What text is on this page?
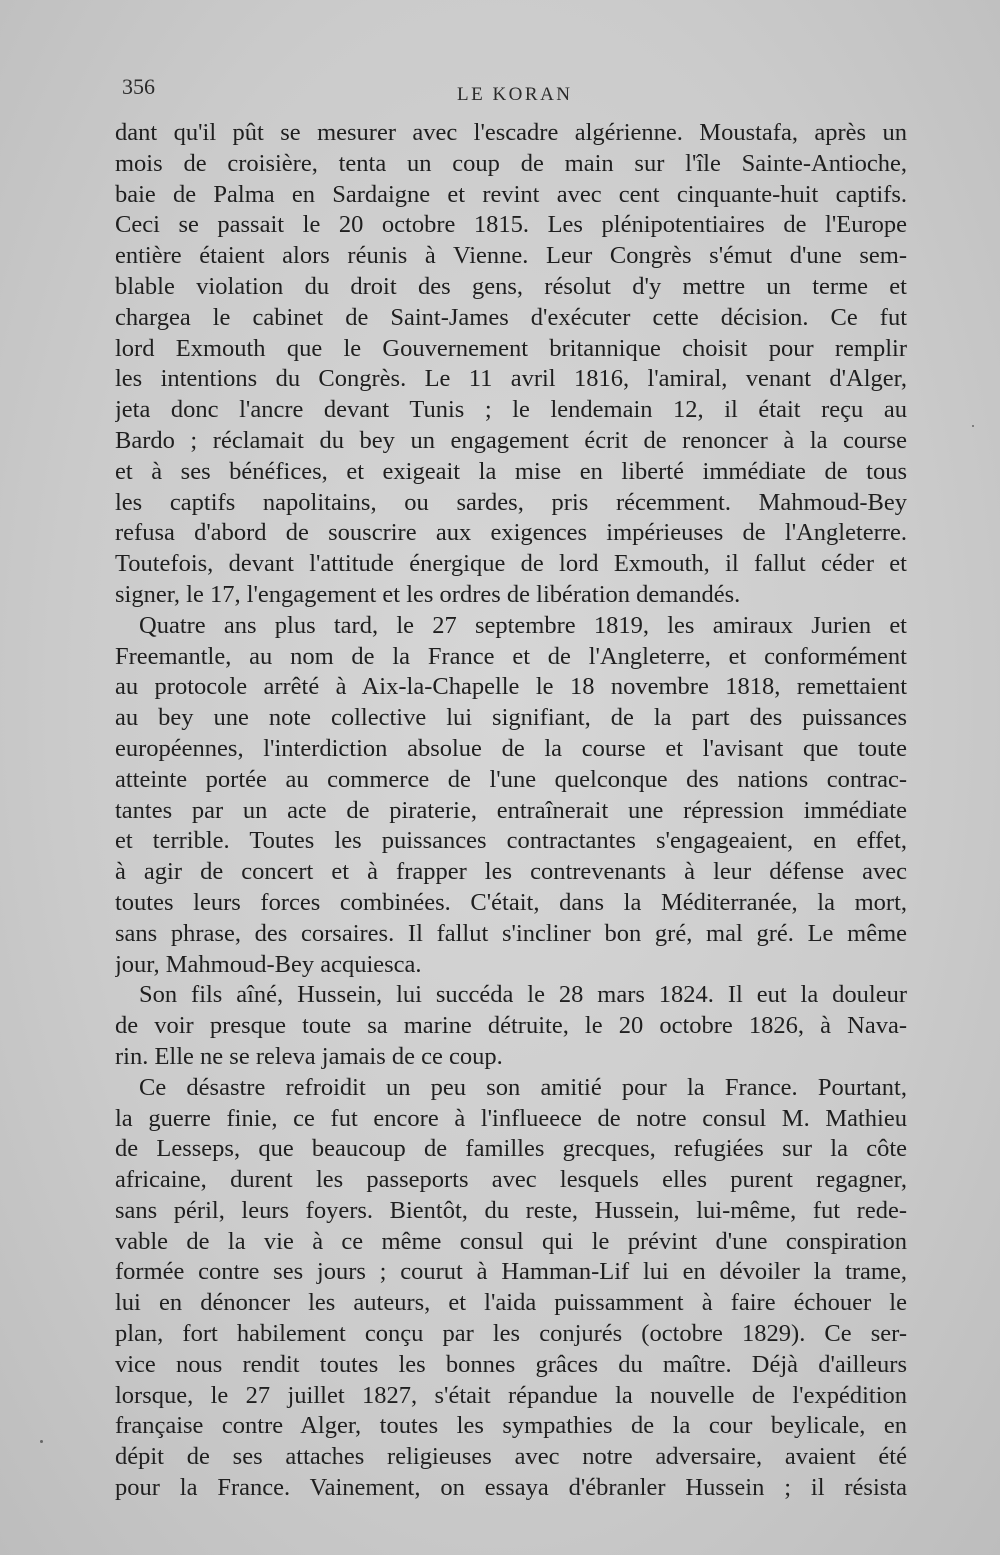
356	LE KORAN
dant qu'il pût se mesurer avec l'escadre algérienne. Moustafa, après un
mois de croisière, tenta un coup de main sur l'île Sainte-Antioche,
baie de Palma en Sardaigne et revint avec cent cinquante-huit captifs.
Ceci se passait le 20 octobre 1815. Les plénipotentiaires de l'Europe
entière étaient alors réunis à Vienne. Leur Congrès s'émut d'une sem-
blable violation du droit des gens, résolut d'y mettre un terme et
chargea le cabinet de Saint-James d'exécuter cette décision. Ce fut
lord Exmouth que le Gouvernement britannique choisit pour remplir
les intentions du Congrès. Le 11 avril 1816, l'amiral, venant d'Alger,
jeta donc l'ancre devant Tunis ; le lendemain 12, il était reçu au
Bardo ; réclamait du bey un engagement écrit de renoncer à la course
et à ses bénéfices, et exigeait la mise en liberté immédiate de tous
les captifs napolitains, ou sardes, pris récemment. Mahmoud-Bey
refusa d'abord de souscrire aux exigences impérieuses de l'Angleterre.
Toutefois, devant l'attitude énergique de lord Exmouth, il fallut céder et
signer, le 17, l'engagement et les ordres de libération demandés.
Quatre ans plus tard, le 27 septembre 1819, les amiraux Jurien et
Freemantle, au nom de la France et de l'Angleterre, et conformément
au protocole arrêté à Aix-la-Chapelle le 18 novembre 1818, remettaient
au bey une note collective lui signifiant, de la part des puissances
européennes, l'interdiction absolue de la course et l'avisant que toute
atteinte portée au commerce de l'une quelconque des nations contrac-
tantes par un acte de piraterie, entraînerait une répression immédiate
et terrible. Toutes les puissances contractantes s'engageaient, en effet,
à agir de concert et à frapper les contrevenants à leur défense avec
toutes leurs forces combinées. C'était, dans la Méditerranée, la mort,
sans phrase, des corsaires. Il fallut s'incliner bon gré, mal gré. Le même
jour, Mahmoud-Bey acquiesca.
Son fils aîné, Hussein, lui succéda le 28 mars 1824. Il eut la douleur
de voir presque toute sa marine détruite, le 20 octobre 1826, à Nava-
rin. Elle ne se releva jamais de ce coup.
Ce désastre refroidit un peu son amitié pour la France. Pourtant,
la guerre finie, ce fut encore à l'influeece de notre consul M. Mathieu
de Lesseps, que beaucoup de familles grecques, refugiées sur la côte
africaine, durent les passeports avec lesquels elles purent regagner,
sans péril, leurs foyers. Bientôt, du reste, Hussein, lui-même, fut rede-
vable de la vie à ce même consul qui le prévint d'une conspiration
formée contre ses jours ; courut à Hamman-Lif lui en dévoiler la trame,
lui en dénoncer les auteurs, et l'aida puissamment à faire échouer le
plan, fort habilement conçu par les conjurés (octobre 1829). Ce ser-
vice nous rendit toutes les bonnes grâces du maître. Déjà d'ailleurs
lorsque, le 27 juillet 1827, s'était répandue la nouvelle de l'expédition
française contre Alger, toutes les sympathies de la cour beylicale, en
dépit de ses attaches religieuses avec notre adversaire, avaient été
pour la France. Vainement, on essaya d'ébranler Hussein ; il résista
